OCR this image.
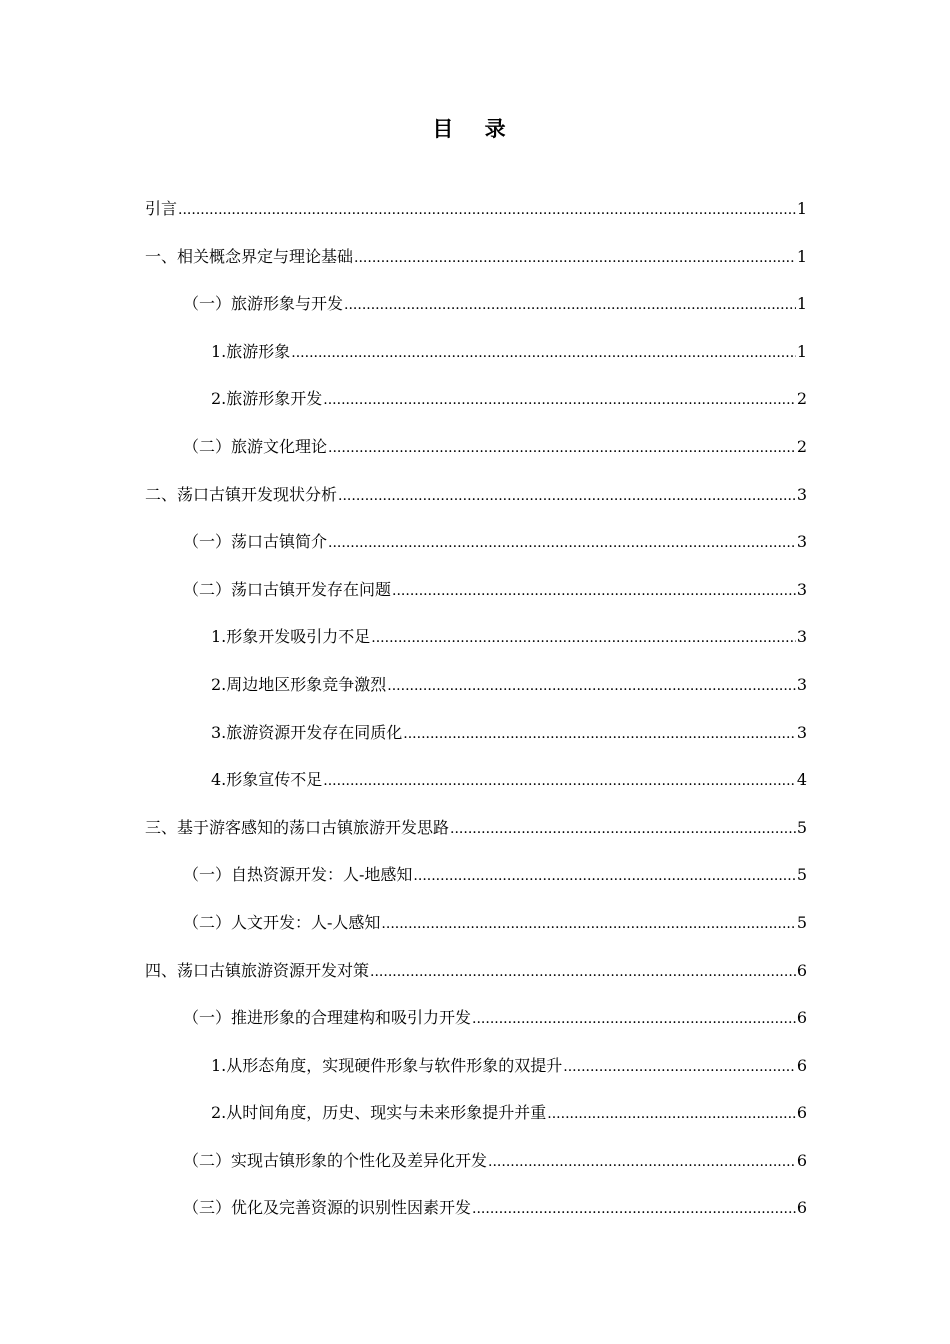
目 录
引言 .....	1
一、相关概念界定与理论基础 .....	1
（一）旅游形象与开发 .....	1
1.旅游形象 .....	1
2.旅游形象开发 .....	2
（二）旅游文化理论 .....	2
二、荡口古镇开发现状分析 .....	3
（一）荡口古镇简介 .....	3
（二）荡口古镇开发存在问题 .....	3
1.形象开发吸引力不足 .....	3
2.周边地区形象竞争激烈 .....	3
3.旅游资源开发存在同质化 .....	3
4.形象宣传不足 .....	4
三、基于游客感知的荡口古镇旅游开发思路 .....	5
（一）自热资源开发：人-地感知 .....	5
（二）人文开发：人-人感知 .....	5
四、荡口古镇旅游资源开发对策 .....	6
（一）推进形象的合理建构和吸引力开发 .....	6
1.从形态角度，实现硬件形象与软件形象的双提升 .....	6
2.从时间角度，历史、现实与未来形象提升并重 .....	6
（二）实现古镇形象的个性化及差异化开发 .....	6
（三）优化及完善资源的识别性因素开发 .....	6
